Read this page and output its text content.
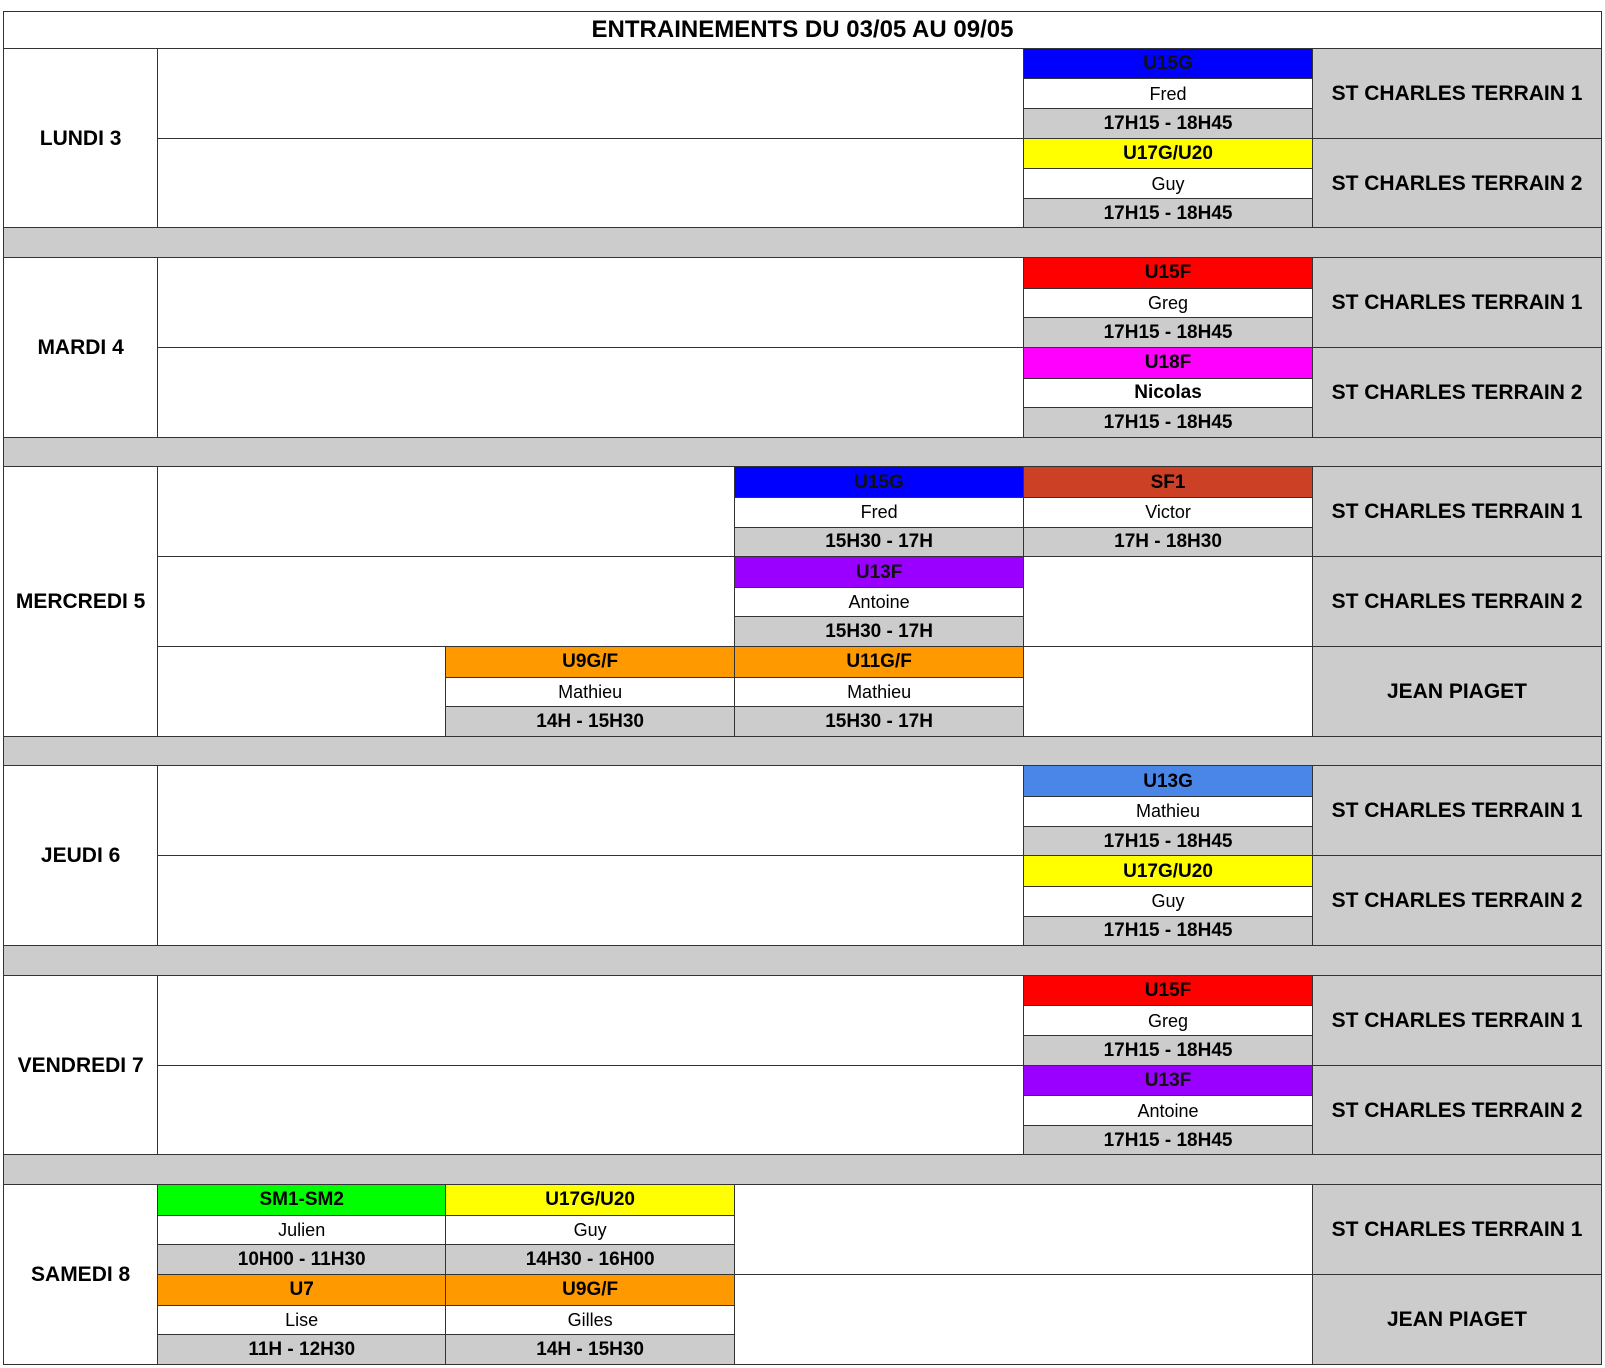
ENTRAINEMENTS DU 03/05 AU 09/05					
LUNDI 3				U15G	ST CHARLES TERRAIN 1
				Fred	
				17H15 - 18H45	
				U17G/U20	ST CHARLES TERRAIN 2
				Guy	
				17H15 - 18H45	

MARDI 4				U15F	ST CHARLES TERRAIN 1
				Greg	
				17H15 - 18H45	
				U18F	ST CHARLES TERRAIN 2
				Nicolas	
				17H15 - 18H45	

MERCREDI 5			U15G	SF1	ST CHARLES TERRAIN 1
			Fred	Victor	
			15H30 - 17H	17H - 18H30	
			U13F		ST CHARLES TERRAIN 2
			Antoine		
			15H30 - 17H		
		U9G/F	U11G/F		JEAN PIAGET
		Mathieu	Mathieu		
		14H - 15H30	15H30 - 17H		

JEUDI 6				U13G	ST CHARLES TERRAIN 1
				Mathieu	
				17H15 - 18H45	
				U17G/U20	ST CHARLES TERRAIN 2
				Guy	
				17H15 - 18H45	

VENDREDI 7				U15F	ST CHARLES TERRAIN 1
				Greg	
				17H15 - 18H45	
				U13F	ST CHARLES TERRAIN 2
				Antoine	
				17H15 - 18H45	

SAMEDI 8	SM1-SM2	U17G/U20			ST CHARLES TERRAIN 1
	Julien	Guy			
	10H00 - 11H30	14H30 - 16H00			
	U7	U9G/F			JEAN PIAGET
	Lise	Gilles			
	11H - 12H30	14H - 15H30			
